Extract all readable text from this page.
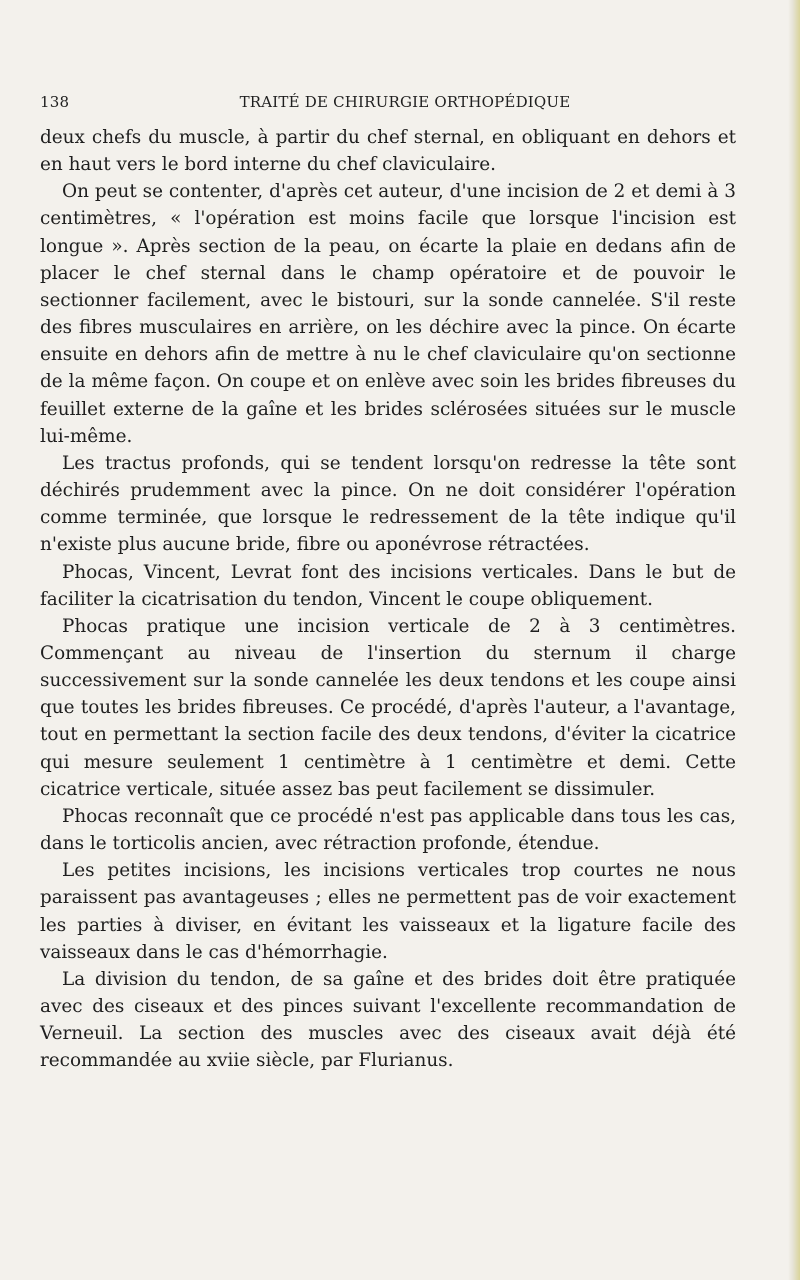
138	TRAITÉ DE CHIRURGIE ORTHOPÉDIQUE

deux chefs du muscle, à partir du chef sternal, en obliquant en dehors et en haut vers le bord interne du chef claviculaire.

On peut se contenter, d'après cet auteur, d'une incision de 2 et demi à 3 centimètres, « l'opération est moins facile que lorsque l'incision est longue ». Après section de la peau, on écarte la plaie en dedans afin de placer le chef sternal dans le champ opératoire et de pouvoir le sectionner facilement, avec le bistouri, sur la sonde cannelée. S'il reste des fibres musculaires en arrière, on les déchire avec la pince. On écarte ensuite en dehors afin de mettre à nu le chef claviculaire qu'on sectionne de la même façon. On coupe et on enlève avec soin les brides fibreuses du feuillet externe de la gaîne et les brides sclérosées situées sur le muscle lui-même.

Les tractus profonds, qui se tendent lorsqu'on redresse la tête sont déchirés prudemment avec la pince. On ne doit considérer l'opération comme terminée, que lorsque le redressement de la tête indique qu'il n'existe plus aucune bride, fibre ou aponévrose rétractées.

Phocas, Vincent, Levrat font des incisions verticales. Dans le but de faciliter la cicatrisation du tendon, Vincent le coupe obliquement.

Phocas pratique une incision verticale de 2 à 3 centimètres. Commençant au niveau de l'insertion du sternum il charge successivement sur la sonde cannelée les deux tendons et les coupe ainsi que toutes les brides fibreuses. Ce procédé, d'après l'auteur, a l'avantage, tout en permettant la section facile des deux tendons, d'éviter la cicatrice qui mesure seulement 1 centimètre à 1 centimètre et demi. Cette cicatrice verticale, située assez bas peut facilement se dissimuler.

Phocas reconnaît que ce procédé n'est pas applicable dans tous les cas, dans le torticolis ancien, avec rétraction profonde, étendue.

Les petites incisions, les incisions verticales trop courtes ne nous paraissent pas avantageuses ; elles ne permettent pas de voir exactement les parties à diviser, en évitant les vaisseaux et la ligature facile des vaisseaux dans le cas d'hémorrhagie.

La division du tendon, de sa gaîne et des brides doit être pratiquée avec des ciseaux et des pinces suivant l'excellente recommandation de Verneuil. La section des muscles avec des ciseaux avait déjà été recommandée au xviie siècle, par Flurianus.
